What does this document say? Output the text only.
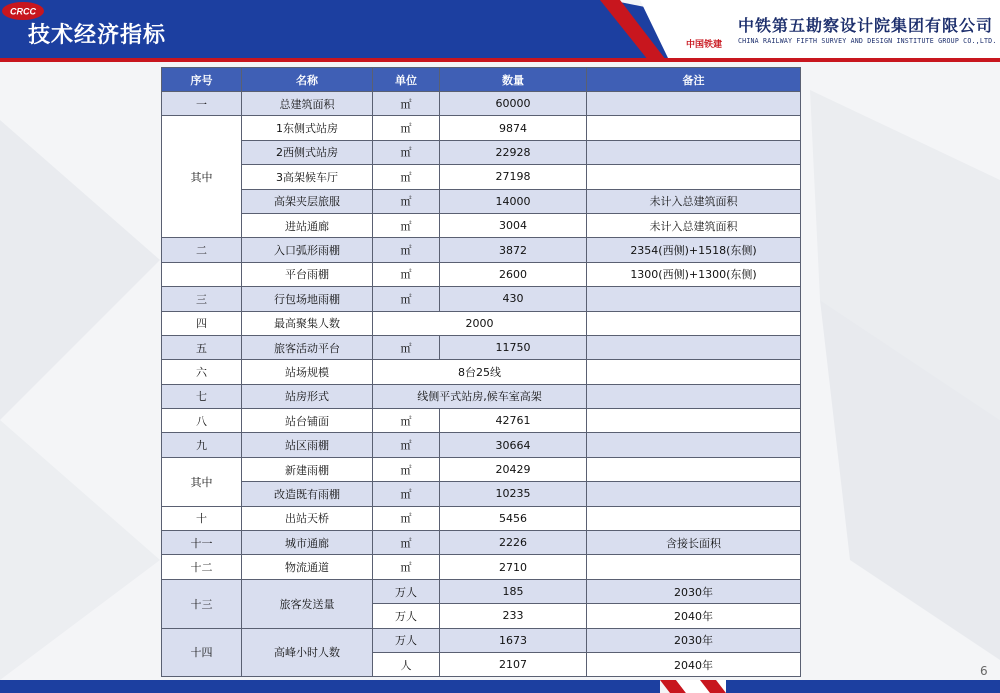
技术经济指标
CRCC
中国铁建
中铁第五勘察设计院集团有限公司
CHINA RAILWAY FIFTH SURVEY AND DESIGN INSTITUTE GROUP CO.,LTD.
序号	名称	单位	数量	备注
一	总建筑面积	㎡	60000	
其中	1东侧式站房	㎡	9874	
	2西侧式站房	㎡	22928	
	3高架候车厅	㎡	27198	
	高架夹层旅服	㎡	14000	未计入总建筑面积
	进站通廊	㎡	3004	未计入总建筑面积
二	入口弧形雨棚	㎡	3872	2354(西侧)+1518(东侧)
	平台雨棚	㎡	2600	1300(西侧)+1300(东侧)
三	行包场地雨棚	㎡	430	
四	最高聚集人数	2000		
五	旅客活动平台	㎡	11750	
六	站场规模	8台25线		
七	站房形式	线侧平式站房,候车室高架		
八	站台铺面	㎡	42761	
九	站区雨棚	㎡	30664	
其中	新建雨棚	㎡	20429	
	改造既有雨棚	㎡	10235	
十	出站天桥	㎡	5456	
十一	城市通廊	㎡	2226	含接长面积
十二	物流通道	㎡	2710	
十三	旅客发送量	万人	185	2030年
		万人	233	2040年
十四	高峰小时人数	万人	1673	2030年
		人	2107	2040年	6
